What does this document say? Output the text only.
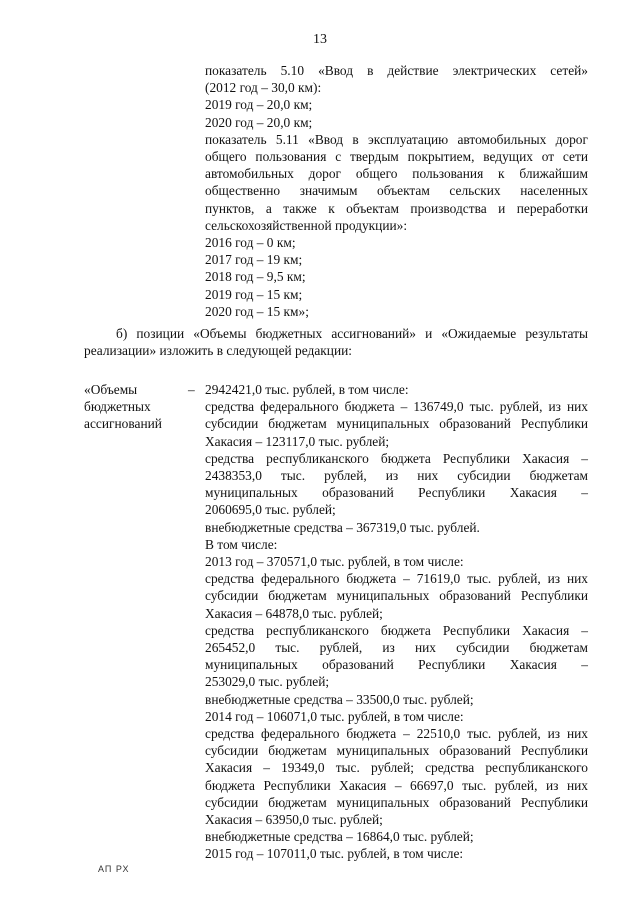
13
показатель 5.10 «Ввод в действие электрических сетей»
(2012 год – 30,0 км):
2019 год – 20,0 км;
2020 год – 20,0 км;
показатель 5.11 «Ввод в эксплуатацию автомобильных дорог
общего пользования с твердым покрытием, ведущих от сети
автомобильных дорог общего пользования к ближайшим
общественно значимым объектам сельских населенных
пунктов, а также к объектам производства и переработки
сельскохозяйственной продукции»:
2016 год – 0 км;
2017 год – 19 км;
2018 год – 9,5 км;
2019 год – 15 км;
2020 год – 15 км»;
б) позиции «Объемы бюджетных ассигнований» и «Ожидаемые результаты
реализации» изложить в следующей редакции:
«Объемы
бюджетных
ассигнований
– 2942421,0 тыс. рублей, в том числе:
средства федерального бюджета – 136749,0 тыс. рублей, из них
субсидии бюджетам муниципальных образований Республики
Хакасия – 123117,0 тыс. рублей;
средства республиканского бюджета Республики Хакасия –
2438353,0 тыс. рублей, из них субсидии бюджетам
муниципальных образований Республики Хакасия –
2060695,0 тыс. рублей;
внебюджетные средства – 367319,0 тыс. рублей.
В том числе:
2013 год – 370571,0 тыс. рублей, в том числе:
средства федерального бюджета – 71619,0 тыс. рублей, из них
субсидии бюджетам муниципальных образований Республики
Хакасия – 64878,0 тыс. рублей;
средства республиканского бюджета Республики Хакасия –
265452,0 тыс. рублей, из них субсидии бюджетам
муниципальных образований Республики Хакасия –
253029,0 тыс. рублей;
внебюджетные средства – 33500,0 тыс. рублей;
2014 год – 106071,0 тыс. рублей, в том числе:
средства федерального бюджета – 22510,0 тыс. рублей, из них
субсидии бюджетам муниципальных образований Республики
Хакасия – 19349,0 тыс. рублей; средства республиканского
бюджета Республики Хакасия – 66697,0 тыс. рублей, из них
субсидии бюджетам муниципальных образований Республики
Хакасия – 63950,0 тыс. рублей;
внебюджетные средства – 16864,0 тыс. рублей;
2015 год – 107011,0 тыс. рублей, в том числе:
АП РХ
